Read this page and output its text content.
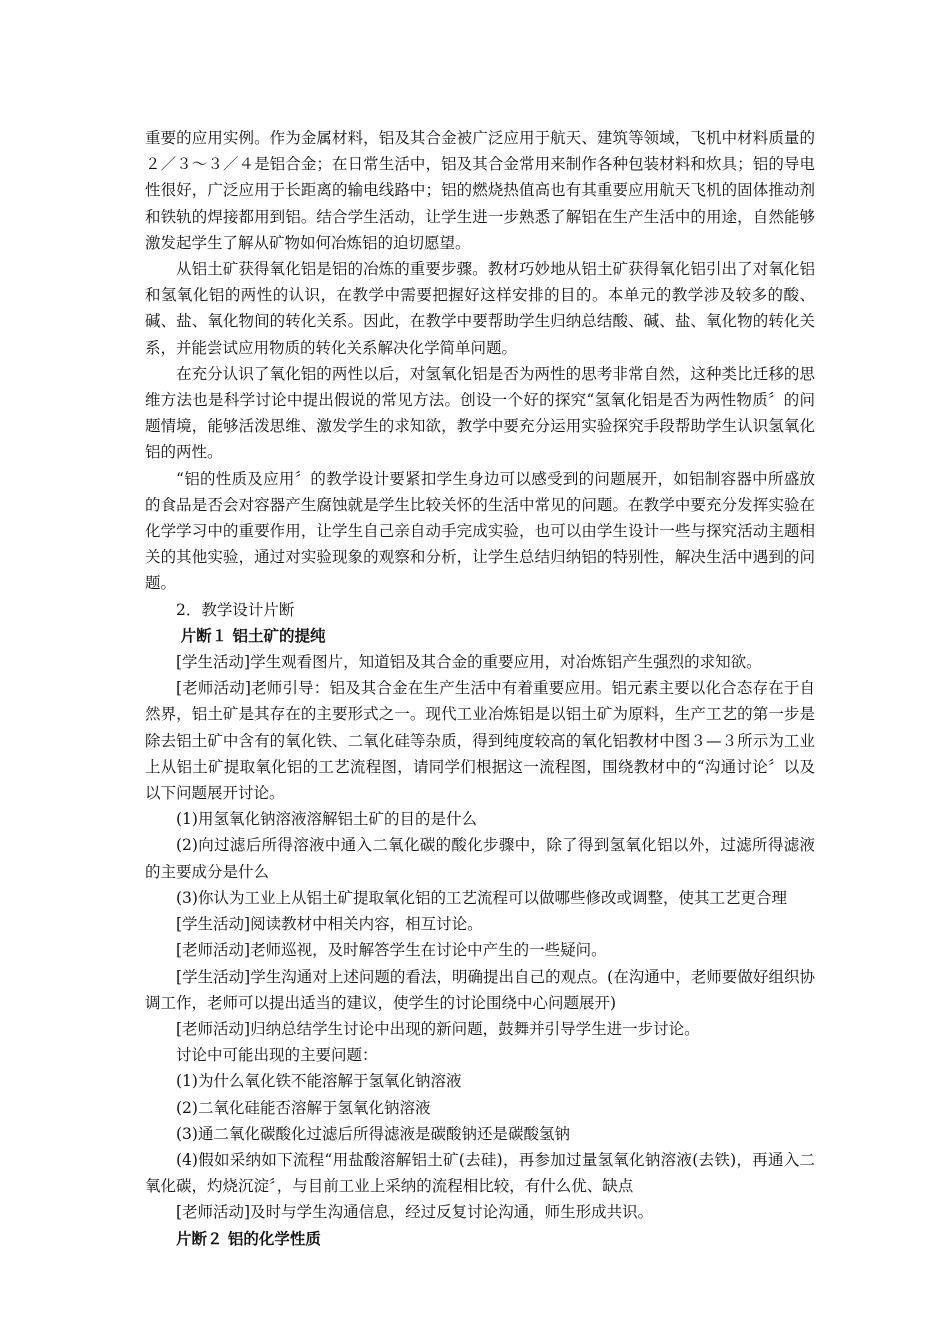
重要的应用实例。作为金属材料，铝及其合金被广泛应用于航天、建筑等领域，飞机中材料质量的２／３～３／４是铝合金；在日常生活中，铝及其合金常用来制作各种包装材料和炊具；铝的导电性很好，广泛应用于长距离的输电线路中；铝的燃烧热值高也有其重要应用航天飞机的固体推动剂和铁轨的焊接都用到铝。结合学生活动，让学生进一步熟悉了解铝在生产生活中的用途，自然能够激发起学生了解从矿物如何冶炼铝的迫切愿望。

从铝土矿获得氧化铝是铝的冶炼的重要步骤。教材巧妙地从铝土矿获得氧化铝引出了对氧化铝和氢氧化铝的两性的认识，在教学中需要把握好这样安排的目的。本单元的教学涉及较多的酸、碱、盐、氧化物间的转化关系。因此，在教学中要帮助学生归纳总结酸、碱、盐、氧化物的转化关系，并能尝试应用物质的转化关系解决化学简单问题。

在充分认识了氧化铝的两性以后，对氢氧化铝是否为两性的思考非常自然，这种类比迁移的思维方法也是科学讨论中提出假说的常见方法。创设一个好的探究“氢氧化铝是否为两性物质〞的问题情境，能够活泼思维、激发学生的求知欲，教学中要充分运用实验探究手段帮助学生认识氢氧化铝的两性。

“铝的性质及应用〞的教学设计要紧扣学生身边可以感受到的问题展开，如铝制容器中所盛放的食品是否会对容器产生腐蚀就是学生比较关怀的生活中常见的问题。在教学中要充分发挥实验在化学学习中的重要作用，让学生自己亲自动手完成实验，也可以由学生设计一些与探究活动主题相关的其他实验，通过对实验现象的观察和分析，让学生总结归纳铝的特别性，解决生活中遇到的问题。

2．教学设计片断

片断１ 铝土矿的提纯

[学生活动]学生观看图片，知道铝及其合金的重要应用，对冶炼铝产生强烈的求知欲。

[老师活动]老师引导：铝及其合金在生产生活中有着重要应用。铝元素主要以化合态存在于自然界，铝土矿是其存在的主要形式之一。现代工业冶炼铝是以铝土矿为原料，生产工艺的第一步是除去铝土矿中含有的氧化铁、二氧化硅等杂质，得到纯度较高的氧化铝教材中图３—３所示为工业上从铝土矿提取氧化铝的工艺流程图，请同学们根据这一流程图，围绕教材中的“沟通讨论〞以及以下问题展开讨论。

(1)用氢氧化钠溶液溶解铝土矿的目的是什么

(2)向过滤后所得溶液中通入二氧化碳的酸化步骤中，除了得到氢氧化铝以外，过滤所得滤液的主要成分是什么

(3)你认为工业上从铝土矿提取氧化铝的工艺流程可以做哪些修改或调整，使其工艺更合理

[学生活动]阅读教材中相关内容，相互讨论。

[老师活动]老师巡视，及时解答学生在讨论中产生的一些疑问。

[学生活动]学生沟通对上述问题的看法，明确提出自己的观点。(在沟通中，老师要做好组织协调工作，老师可以提出适当的建议，使学生的讨论围绕中心问题展开)

[老师活动]归纳总结学生讨论中出现的新问题，鼓舞并引导学生进一步讨论。

讨论中可能出现的主要问题：

(1)为什么氧化铁不能溶解于氢氧化钠溶液

(2)二氧化硅能否溶解于氢氧化钠溶液

(3)通二氧化碳酸化过滤后所得滤液是碳酸钠还是碳酸氢钠

(4)假如采纳如下流程“用盐酸溶解铝土矿(去硅)，再参加过量氢氧化钠溶液(去铁)，再通入二氧化碳，灼烧沉淀〞，与目前工业上采纳的流程相比较，有什么优、缺点

[老师活动]及时与学生沟通信息，经过反复讨论沟通，师生形成共识。

片断２ 铝的化学性质
